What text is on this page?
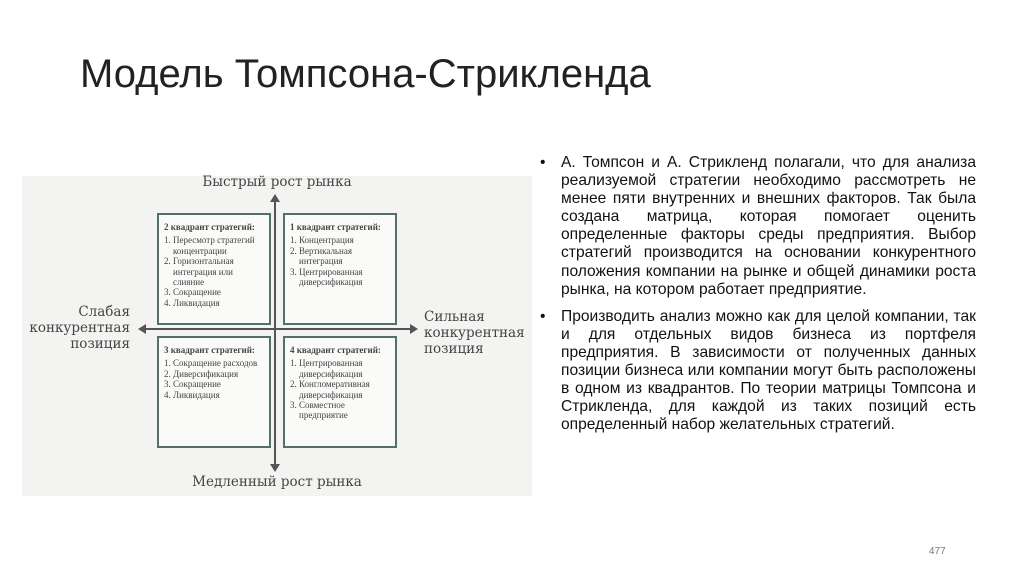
Модель Томпсона-Стрикленда
Быстрый рост рынка
Медленный рост рынка
Слабая
конкурентная
позиция
Сильная
конкурентная
позиция
2 квадрант стратегий:
1. Пересмотр стратегий концентрации
2. Горизонтальная интеграция или слияние
3. Сокращение
4. Ликвидация
1 квадрант стратегий:
1. Концентрация
2. Вертикальная интеграция
3. Центрированная диверсификация
3 квадрант стратегий:
1. Сокращение расходов
2. Диверсификация
3. Сокращение
4. Ликвидация
4 квадрант стратегий:
1. Центрированная диверсификация
2. Конгломеративная диверсификация
3. Совместное предприятие
• А. Томпсон и А. Стрикленд полагали, что для анализа реализуемой стратегии необходимо рассмотреть не менее пяти внутренних и внешних факторов. Так была создана матрица, которая помогает оценить определенные факторы среды предприятия. Выбор стратегий производится на основании конкурентного положения компании на рынке и общей динамики роста рынка, на котором работает предприятие.
• Производить анализ можно как для целой компании, так и для отдельных видов бизнеса из портфеля предприятия. В зависимости от полученных данных позиции бизнеса или компании могут быть расположены в одном из квадрантов. По теории матрицы Томпсона и Стрикленда, для каждой из таких позиций есть определенный набор желательных стратегий.
477
